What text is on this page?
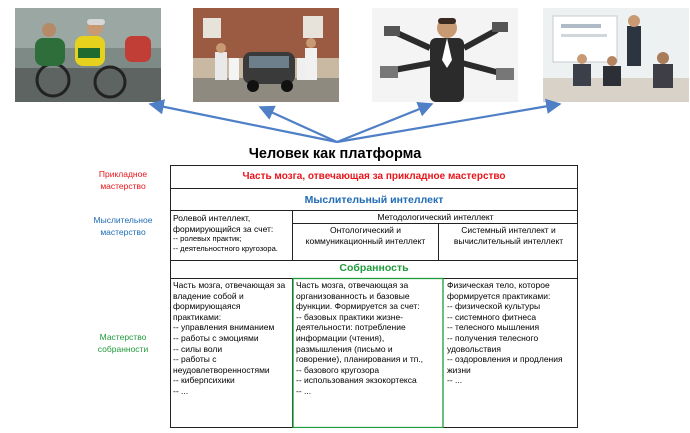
Человек как платформа
Прикладное
мастерство
Мыслительное
мастерство
Мастерство
собранности
Часть мозга, отвечающая за прикладное мастерство
Мыслительный интеллект
Собранность
Ролевой интеллект,
формирующийся за счет:
-- ролевых практик;
-- деятельностного кругозора.
Методологический интеллект
Онтологический и
коммуникационный интеллект
Системный интеллект и
вычислительный интеллект
Часть мозга, отвечающая за
владение собой и
формирующаяся
практиками:
-- управления вниманием
-- работы с эмоциями
-- силы воли
-- работы с
неудовлетворенностями
-- киберпсихики
-- ...
Часть мозга, отвечающая за
организованность и базовые
функции. Формируется за счет:
-- базовых практики жизне-
деятельности: потребление
информации (чтения),
размышления (письмо и
говорение), планирования и тп.,
-- базового кругозора
-- использования экзокортекса
-- ...
Физическая тело, которое
формируется практиками:
-- физической культуры
-- системного фитнеса
-- телесного мышления
-- получения телесного
удовольствия
-- оздоровления и продления
жизни
-- ...
